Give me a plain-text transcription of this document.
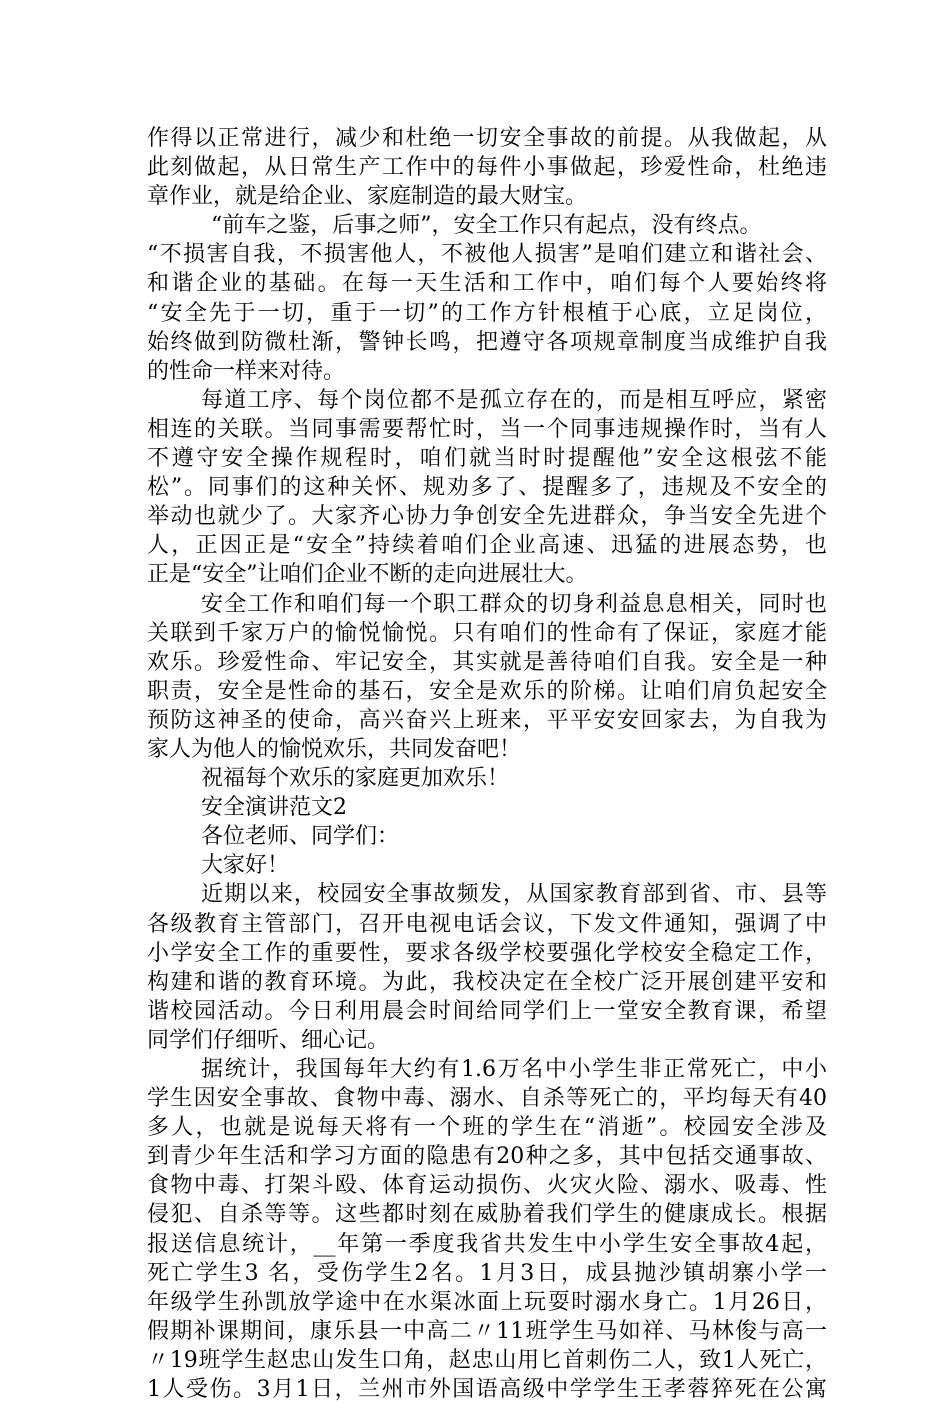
作得以正常进行，减少和杜绝一切安全事故的前提。从我做起，从
此刻做起，从日常生产工作中的每件小事做起，珍爱性命，杜绝违
章作业，就是给企业、家庭制造的最大财宝。
“前车之鉴，后事之师”，安全工作只有起点，没有终点。
“不损害自我，不损害他人，不被他人损害”是咱们建立和谐社会、
和谐企业的基础。在每一天生活和工作中，咱们每个人要始终将
“安全先于一切，重于一切”的工作方针根植于心底，立足岗位，
始终做到防微杜渐，警钟长鸣，把遵守各项规章制度当成维护自我
的性命一样来对待。
每道工序、每个岗位都不是孤立存在的，而是相互呼应，紧密
相连的关联。当同事需要帮忙时，当一个同事违规操作时，当有人
不遵守安全操作规程时，咱们就当时时提醒他”安全这根弦不能
松”。同事们的这种关怀、规劝多了、提醒多了，违规及不安全的
举动也就少了。大家齐心协力争创安全先进群众，争当安全先进个
人，正因正是“安全”持续着咱们企业高速、迅猛的进展态势，也
正是“安全”让咱们企业不断的走向进展壮大。
安全工作和咱们每一个职工群众的切身利益息息相关，同时也
关联到千家万户的愉悦愉悦。只有咱们的性命有了保证，家庭才能
欢乐。珍爱性命、牢记安全，其实就是善待咱们自我。安全是一种
职责，安全是性命的基石，安全是欢乐的阶梯。让咱们肩负起安全
预防这神圣的使命，高兴奋兴上班来，平平安安回家去，为自我为
家人为他人的愉悦欢乐，共同发奋吧！
祝福每个欢乐的家庭更加欢乐！
安全演讲范文2
各位老师、同学们：
大家好！
近期以来，校园安全事故频发，从国家教育部到省、市、县等
各级教育主管部门，召开电视电话会议，下发文件通知，强调了中
小学安全工作的重要性，要求各级学校要强化学校安全稳定工作，
构建和谐的教育环境。为此，我校决定在全校广泛开展创建平安和
谐校园活动。今日利用晨会时间给同学们上一堂安全教育课，希望
同学们仔细听、细心记。
据统计，我国每年大约有1.6万名中小学生非正常死亡，中小
学生因安全事故、食物中毒、溺水、自杀等死亡的，平均每天有40
多人，也就是说每天将有一个班的学生在“消逝”。校园安全涉及
到青少年生活和学习方面的隐患有20种之多，其中包括交通事故、
食物中毒、打架斗殴、体育运动损伤、火灾火险、溺水、吸毒、性
侵犯、自杀等等。这些都时刻在威胁着我们学生的健康成长。根据
报送信息统计，__年第一季度我省共发生中小学生安全事故4起，
死亡学生3 名，受伤学生2名。1月3日，成县抛沙镇胡寨小学一
年级学生孙凯放学途中在水渠冰面上玩耍时溺水身亡。1月26日，
假期补课期间，康乐县一中高二〃11班学生马如祥、马林俊与高一
〃19班学生赵忠山发生口角，赵忠山用匕首刺伤二人，致1人死亡，
1人受伤。3月1日，兰州市外国语高级中学学生王孝蓉猝死在公寓
